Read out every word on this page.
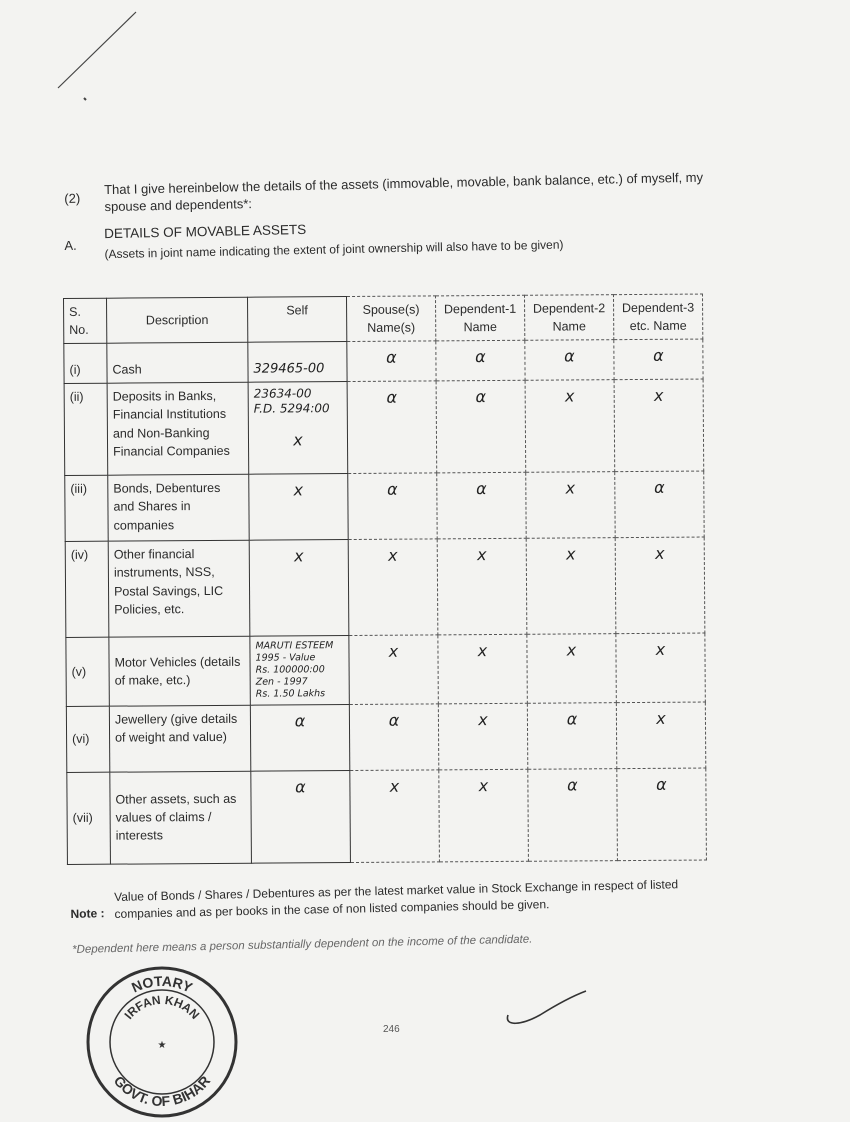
(2)
That I give hereinbelow the details of the assets (immovable, movable, bank balance, etc.) of myself, my spouse and dependents*:
A.
DETAILS OF MOVABLE ASSETS
(Assets in joint name indicating the extent of joint ownership will also have to be given)
S. No.	Description	Self	Spouse(s) Name(s)	Dependent-1 Name	Dependent-2 Name	Dependent-3 etc. Name
(i)	Cash	329465-00	α	α	α	α
(ii)	Deposits in Banks, Financial Institutions and Non-Banking Financial Companies	23634-00
F.D. 5294:00
x	α	α	x	x
(iii)	Bonds, Debentures and Shares in companies	x	α	α	x	α
(iv)	Other financial instruments, NSS, Postal Savings, LIC Policies, etc.	x	x	x	x	x
(v)	Motor Vehicles (details of make, etc.)	MARUTI ESTEEM
1995 - Value
Rs. 100000:00
Zen - 1997
Rs. 1.50 Lakhs	x	x	x	x
(vi)	Jewellery (give details of weight and value)	α	α	x	α	x
(vii)	Other assets, such as values of claims / interests	α	x	x	α	α
Note :
Value of Bonds / Shares / Debentures as per the latest market value in Stock Exchange in respect of listed companies and as per books in the case of non listed companies should be given.
*Dependent here means a person substantially dependent on the income of the candidate.
246
NOTARY
IRFAN KHAN
GOVT. OF BIHAR
★
